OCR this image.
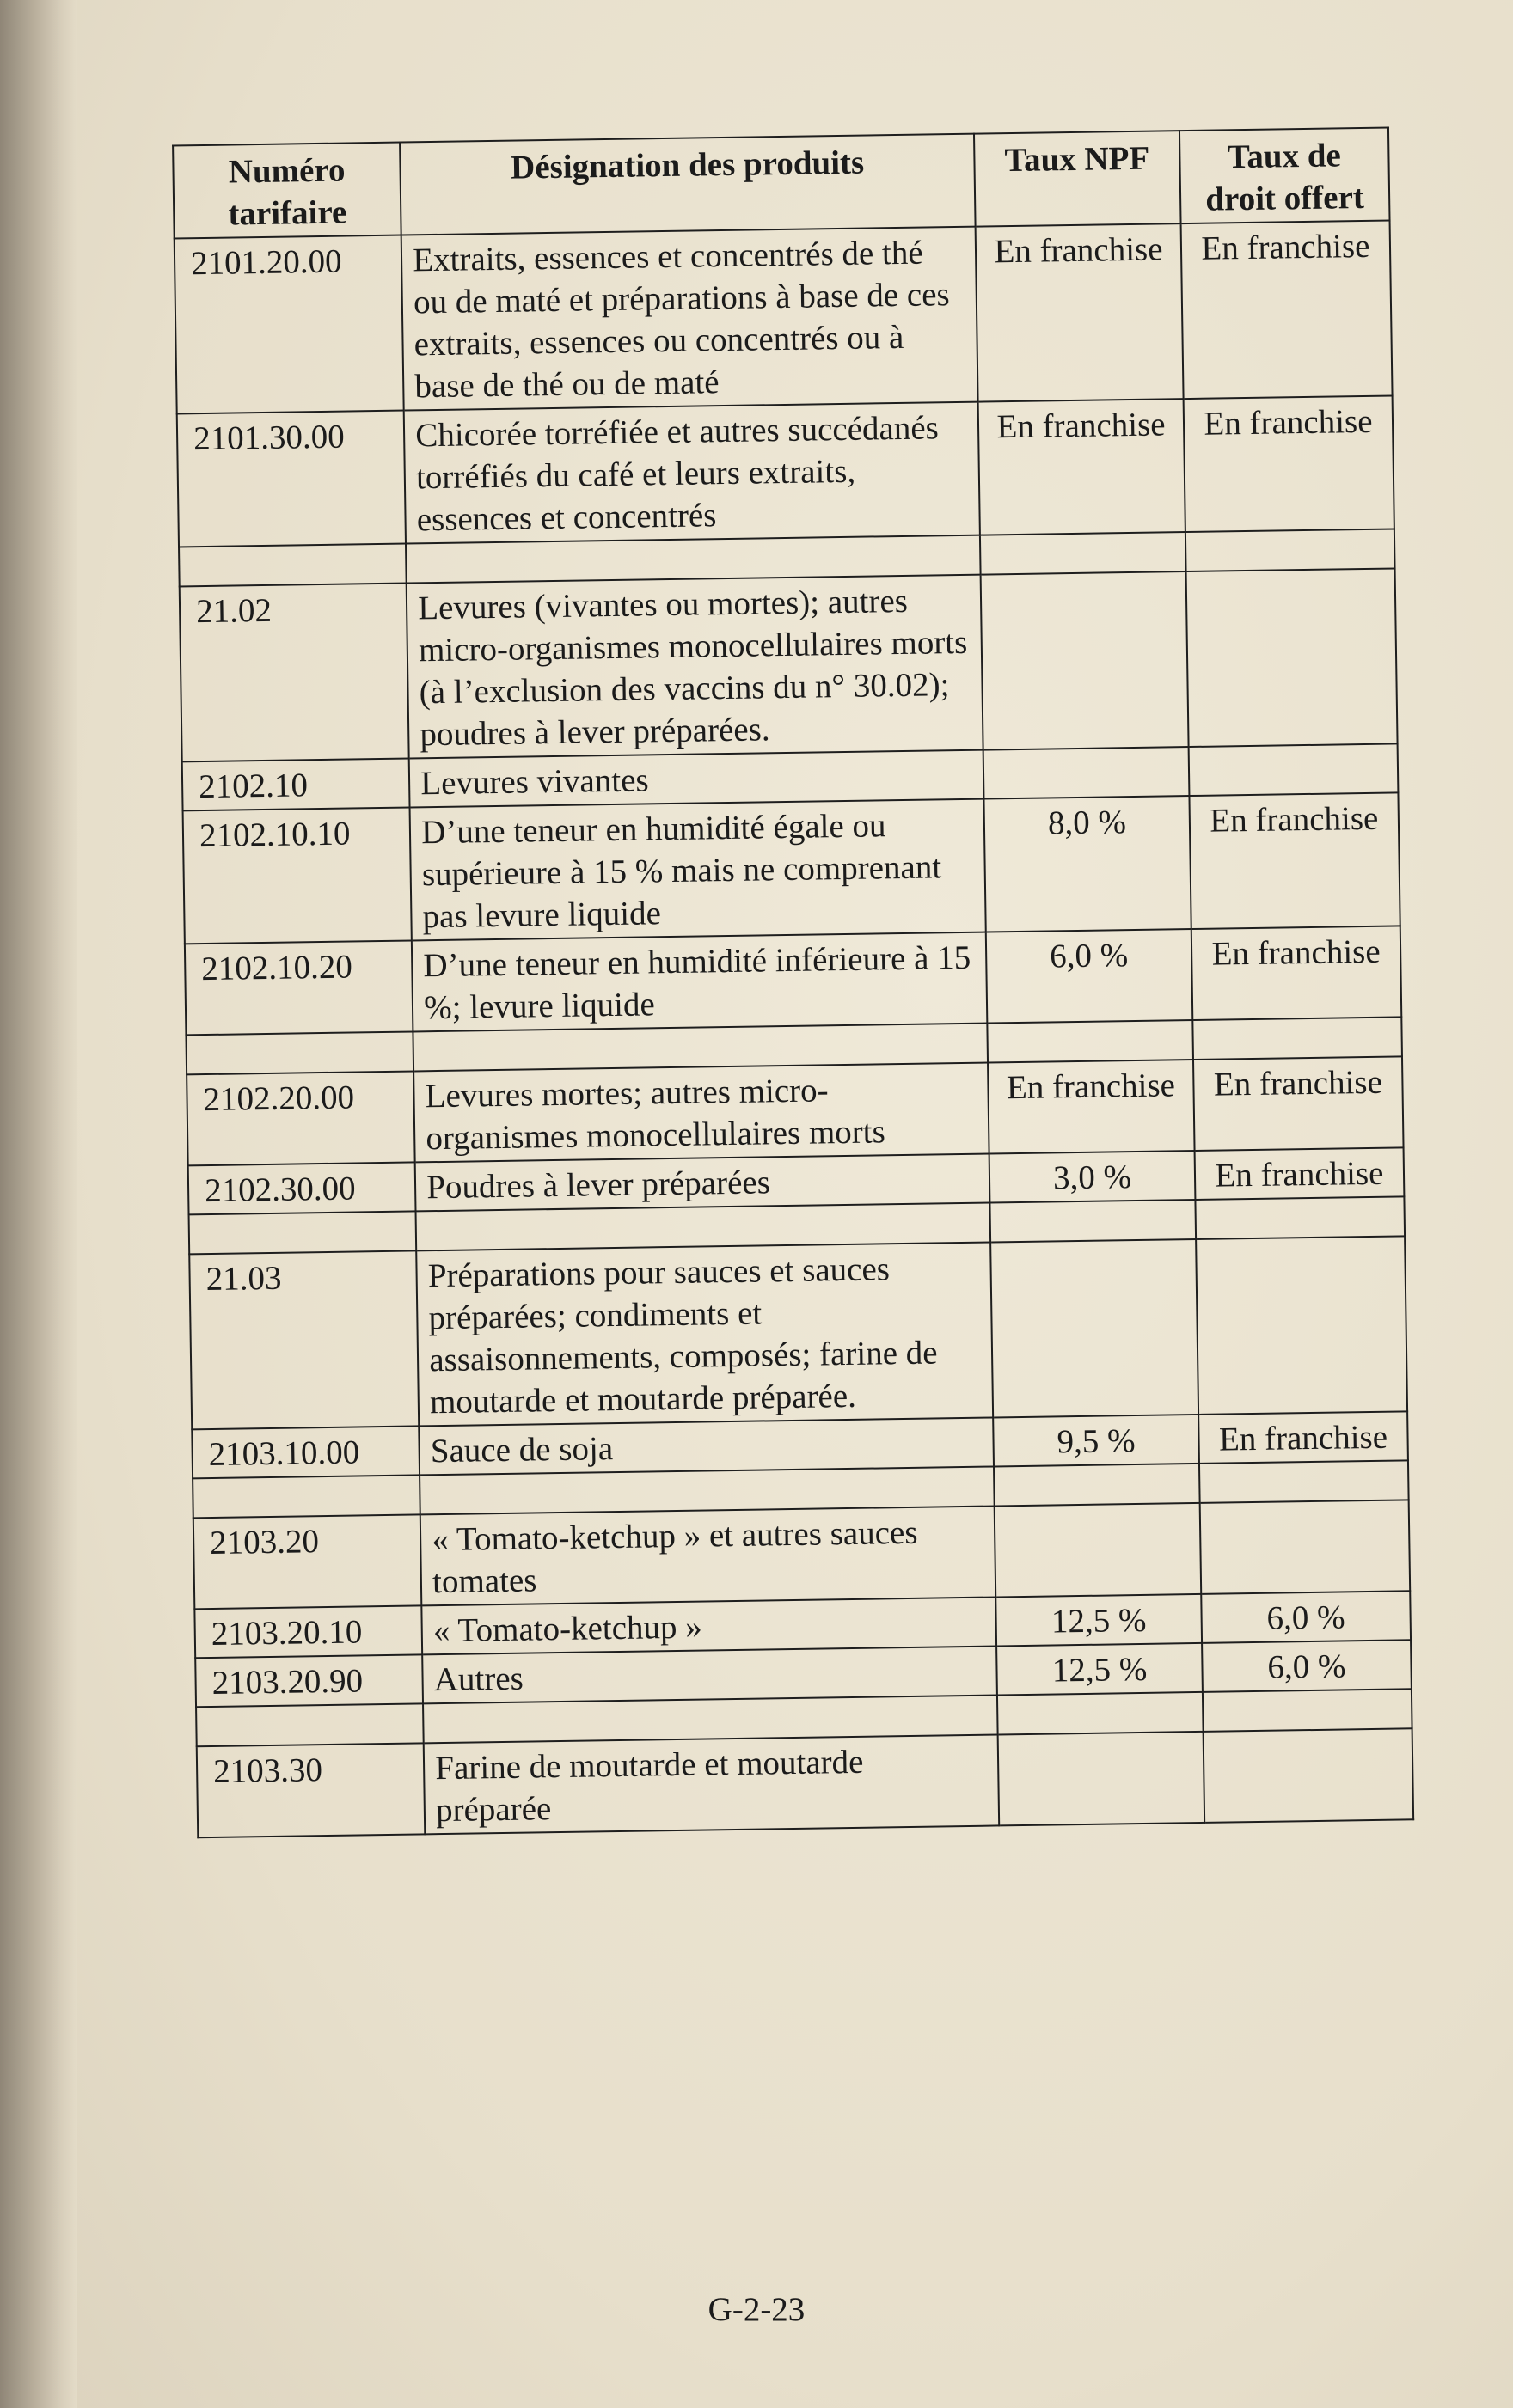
Numéro tarifaire	Désignation des produits	Taux NPF	Taux de droit offert
2101.20.00	Extraits, essences et concentrés de thé ou de maté et préparations à base de ces extraits, essences ou concentrés ou à base de thé ou de maté	En franchise	En franchise
2101.30.00	Chicorée torréfiée et autres succédanés torréfiés du café et leurs extraits, essences et concentrés	En franchise	En franchise

21.02	Levures (vivantes ou mortes); autres micro-organismes monocellulaires morts (à l’exclusion des vaccins du n° 30.02); poudres à lever préparées.		
2102.10	Levures vivantes		
2102.10.10	D’une teneur en humidité égale ou supérieure à 15 % mais ne comprenant pas levure liquide	8,0 %	En franchise
2102.10.20	D’une teneur en humidité inférieure à 15 %; levure liquide	6,0 %	En franchise

2102.20.00	Levures mortes; autres micro-organismes monocellulaires morts	En franchise	En franchise
2102.30.00	Poudres à lever préparées	3,0 %	En franchise

21.03	Préparations pour sauces et sauces préparées; condiments et assaisonnements, composés; farine de moutarde et moutarde préparée.		
2103.10.00	Sauce de soja	9,5 %	En franchise

2103.20	« Tomato-ketchup » et autres sauces tomates		
2103.20.10	« Tomato-ketchup »	12,5 %	6,0 %
2103.20.90	Autres	12,5 %	6,0 %

2103.30	Farine de moutarde et moutarde préparée		
G-2-23
